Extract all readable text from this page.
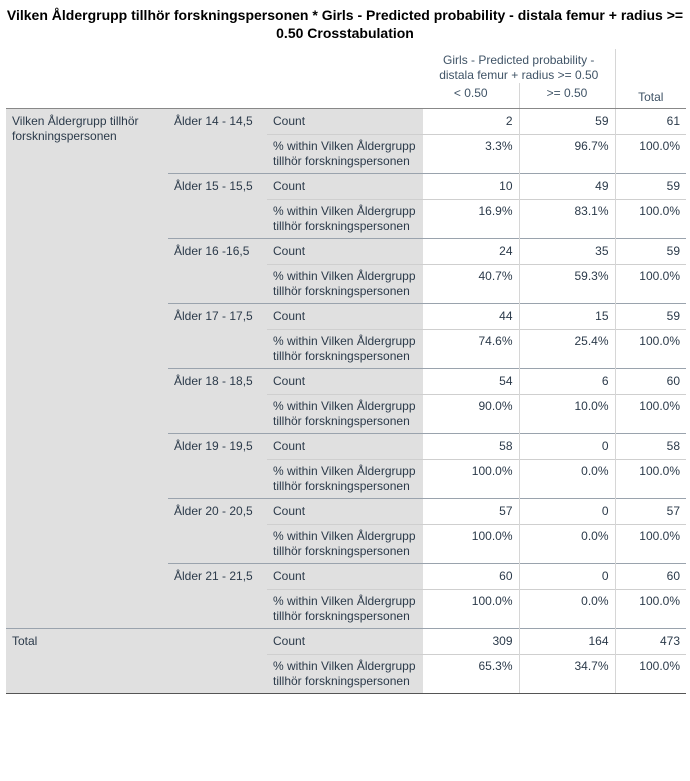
Vilken Åldergrupp tillhör forskningspersonen * Girls - Predicted probability - distala femur + radius >= 0.50 Crosstabulation
			Girls - Predicted probability - distala femur + radius >= 0.50		Total
			< 0.50	>= 0.50	
Vilken Åldergrupp tillhör forskningspersonen	Ålder 14 - 14,5	Count	2	59	61
		% within Vilken Åldergrupp tillhör forskningspersonen	3.3%	96.7%	100.0%
	Ålder 15 - 15,5	Count	10	49	59
		% within Vilken Åldergrupp tillhör forskningspersonen	16.9%	83.1%	100.0%
	Ålder 16 -16,5	Count	24	35	59
		% within Vilken Åldergrupp tillhör forskningspersonen	40.7%	59.3%	100.0%
	Ålder 17 - 17,5	Count	44	15	59
		% within Vilken Åldergrupp tillhör forskningspersonen	74.6%	25.4%	100.0%
	Ålder 18 - 18,5	Count	54	6	60
		% within Vilken Åldergrupp tillhör forskningspersonen	90.0%	10.0%	100.0%
	Ålder 19 - 19,5	Count	58	0	58
		% within Vilken Åldergrupp tillhör forskningspersonen	100.0%	0.0%	100.0%
	Ålder 20 - 20,5	Count	57	0	57
		% within Vilken Åldergrupp tillhör forskningspersonen	100.0%	0.0%	100.0%
	Ålder 21 - 21,5	Count	60	0	60
		% within Vilken Åldergrupp tillhör forskningspersonen	100.0%	0.0%	100.0%
Total		Count	309	164	473
		% within Vilken Åldergrupp tillhör forskningspersonen	65.3%	34.7%	100.0%
